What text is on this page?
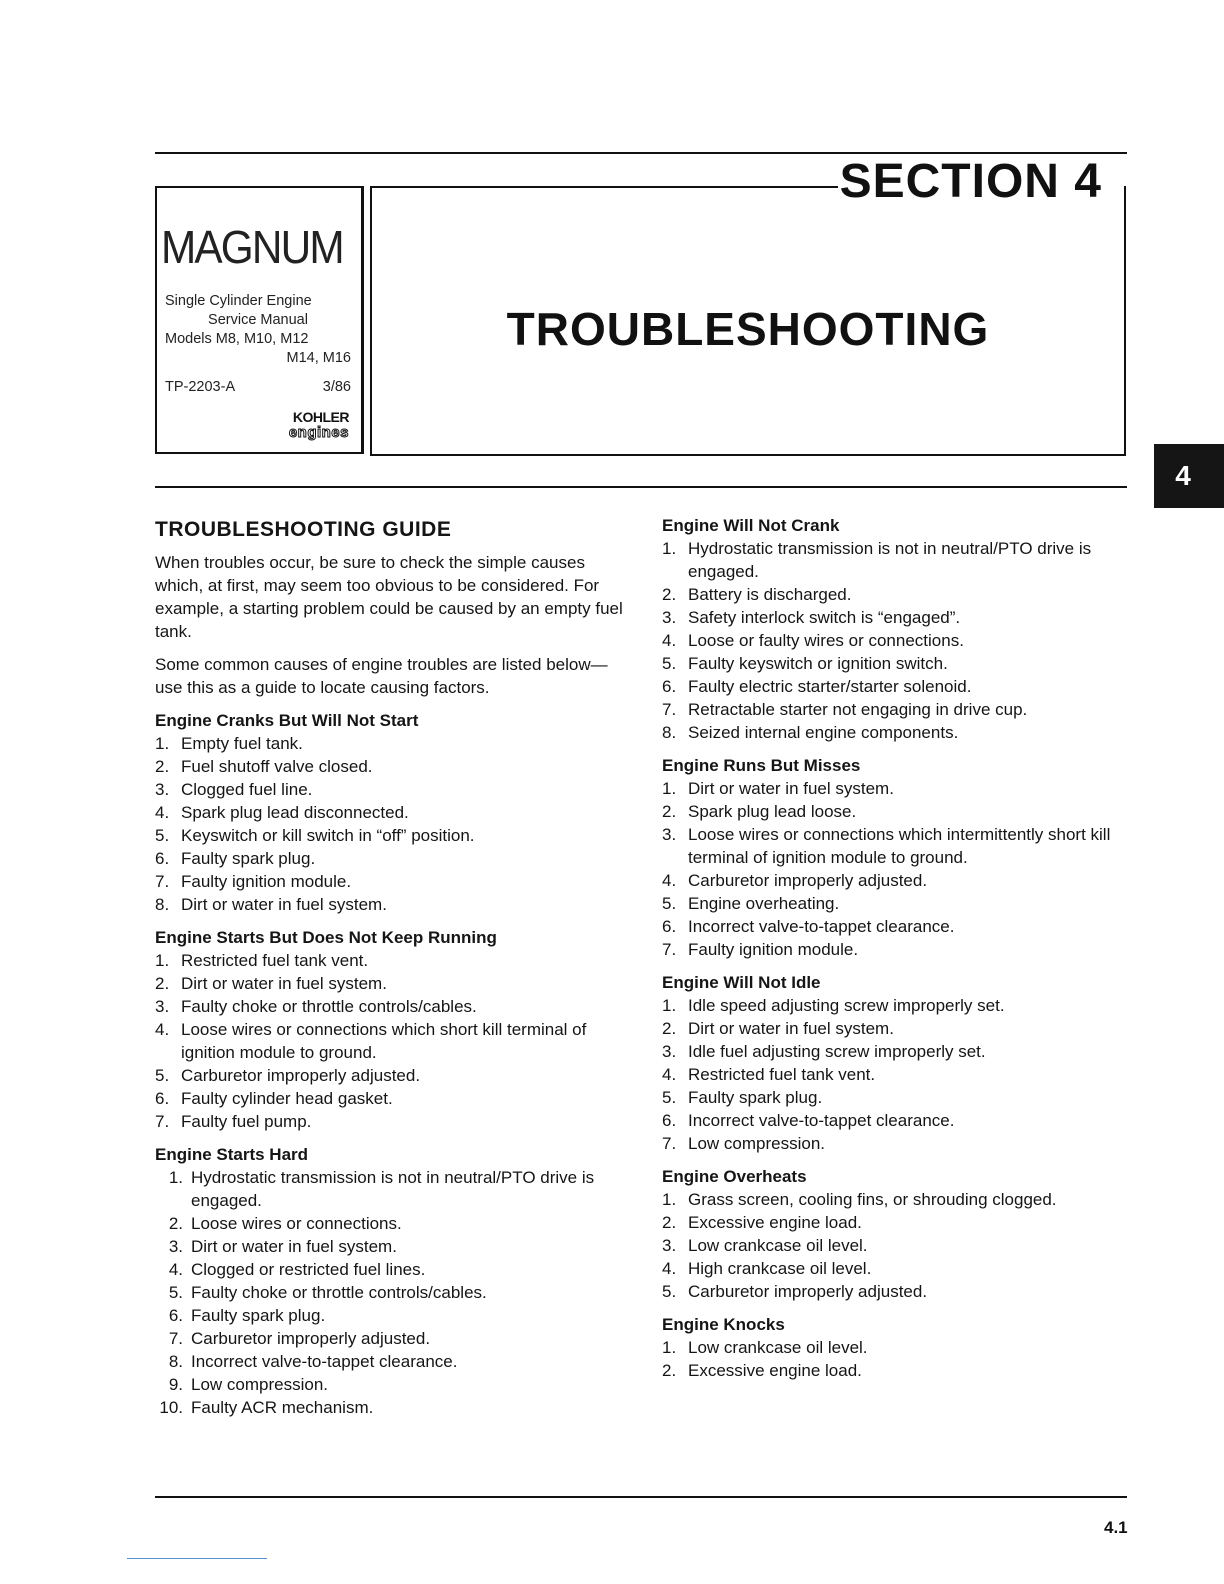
MAGNUM
Single Cylinder Engine
Service Manual
Models M8, M10, M12
M14, M16
TP-2203-A	3/86
KOHLER
engines
SECTION 4
TROUBLESHOOTING
4
TROUBLESHOOTING GUIDE

When troubles occur, be sure to check the simple causes which, at first, may seem too obvious to be considered. For example, a starting problem could be caused by an empty fuel tank.

Some common causes of engine troubles are listed below—use this as a guide to locate causing factors.

Engine Cranks But Will Not Start
1. Empty fuel tank.
2. Fuel shutoff valve closed.
3. Clogged fuel line.
4. Spark plug lead disconnected.
5. Keyswitch or kill switch in “off” position.
6. Faulty spark plug.
7. Faulty ignition module.
8. Dirt or water in fuel system.
Engine Starts But Does Not Keep Running
1. Restricted fuel tank vent.
2. Dirt or water in fuel system.
3. Faulty choke or throttle controls/cables.
4. Loose wires or connections which short kill terminal of ignition module to ground.
5. Carburetor improperly adjusted.
6. Faulty cylinder head gasket.
7. Faulty fuel pump.
Engine Starts Hard
1. Hydrostatic transmission is not in neutral/PTO drive is engaged.
2. Loose wires or connections.
3. Dirt or water in fuel system.
4. Clogged or restricted fuel lines.
5. Faulty choke or throttle controls/cables.
6. Faulty spark plug.
7. Carburetor improperly adjusted.
8. Incorrect valve-to-tappet clearance.
9. Low compression.
10. Faulty ACR mechanism.
Engine Will Not Crank
1. Hydrostatic transmission is not in neutral/PTO drive is engaged.
2. Battery is discharged.
3. Safety interlock switch is “engaged”.
4. Loose or faulty wires or connections.
5. Faulty keyswitch or ignition switch.
6. Faulty electric starter/starter solenoid.
7. Retractable starter not engaging in drive cup.
8. Seized internal engine components.
Engine Runs But Misses
1. Dirt or water in fuel system.
2. Spark plug lead loose.
3. Loose wires or connections which intermittently short kill terminal of ignition module to ground.
4. Carburetor improperly adjusted.
5. Engine overheating.
6. Incorrect valve-to-tappet clearance.
7. Faulty ignition module.
Engine Will Not Idle
1. Idle speed adjusting screw improperly set.
2. Dirt or water in fuel system.
3. Idle fuel adjusting screw improperly set.
4. Restricted fuel tank vent.
5. Faulty spark plug.
6. Incorrect valve-to-tappet clearance.
7. Low compression.
Engine Overheats
1. Grass screen, cooling fins, or shrouding clogged.
2. Excessive engine load.
3. Low crankcase oil level.
4. High crankcase oil level.
5. Carburetor improperly adjusted.
Engine Knocks
1. Low crankcase oil level.
2. Excessive engine load.
4.1
